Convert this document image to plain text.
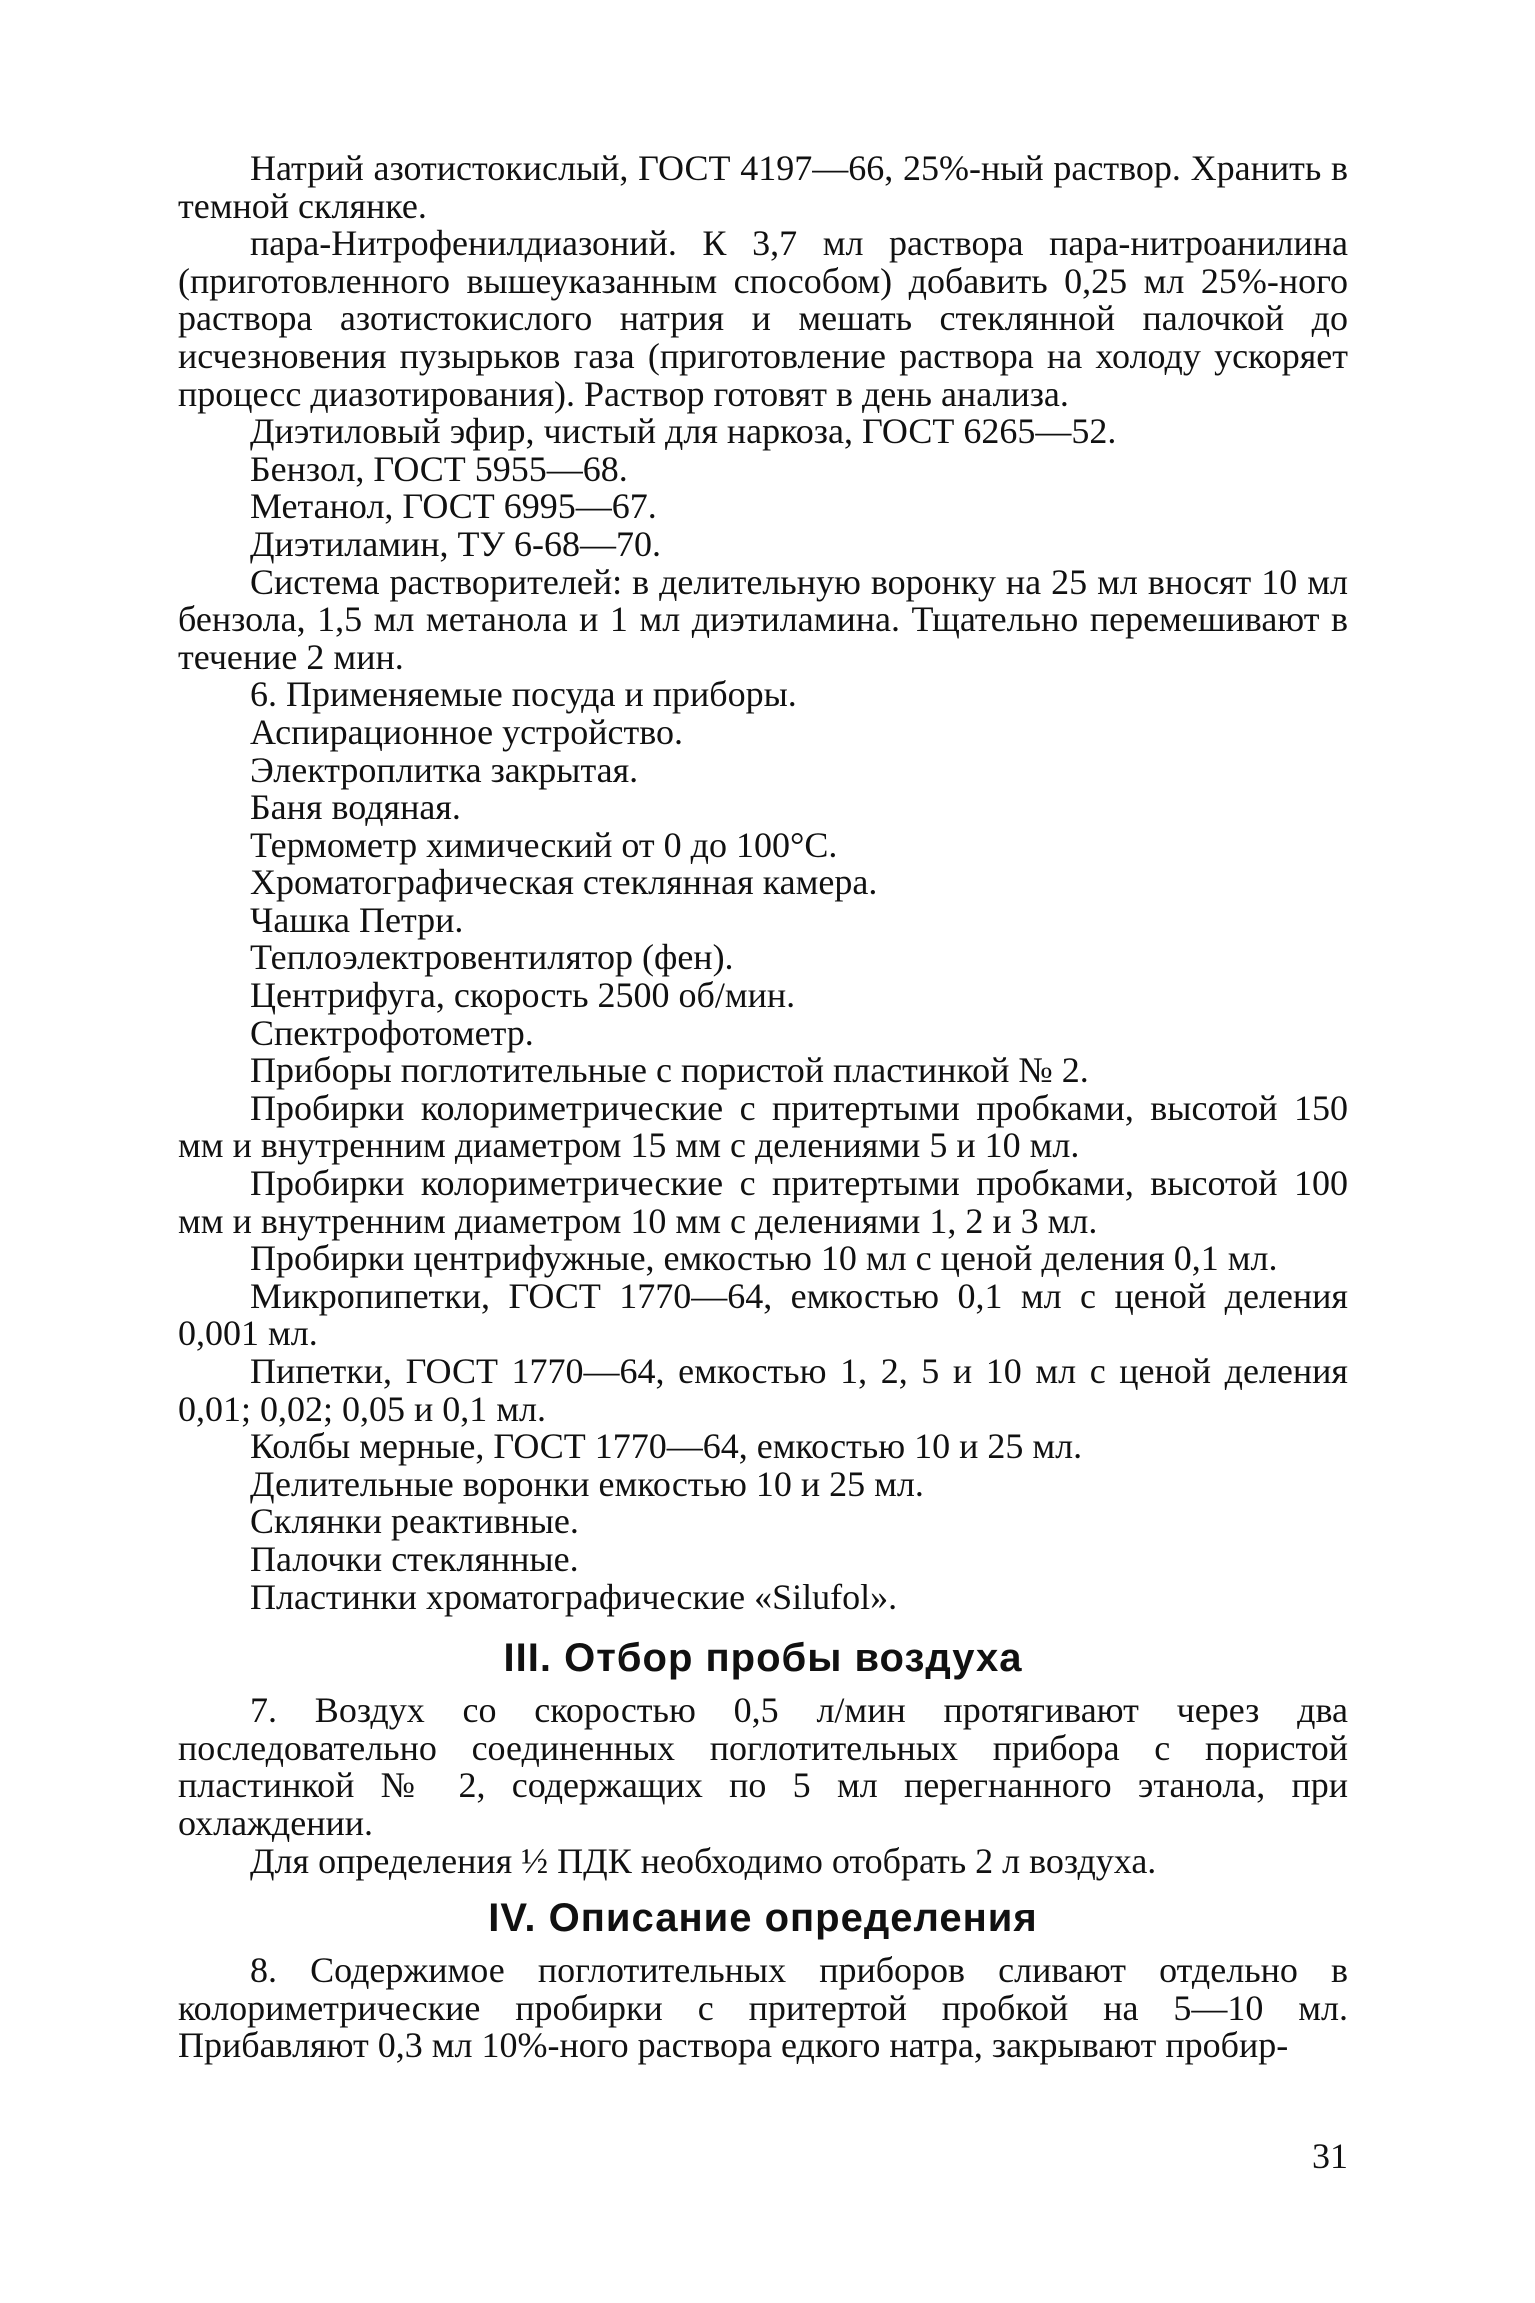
Натрий азотистокислый, ГОСТ 4197—66, 25%-ный раствор. Хранить в темной склянке.

пара-Нитрофенилдиазоний. К 3,7 мл раствора пара-нитроанилина (приготовленного вышеуказанным способом) добавить 0,25 мл 25%-ного раствора азотистокислого натрия и мешать стеклянной палочкой до исчезновения пузырьков газа (приготовление раствора на холоду ускоряет процесс диазотирования). Раствор готовят в день анализа.

Диэтиловый эфир, чистый для наркоза, ГОСТ 6265—52.

Бензол, ГОСТ 5955—68.

Метанол, ГОСТ 6995—67.

Диэтиламин, ТУ 6-68—70.

Система растворителей: в делительную воронку на 25 мл вносят 10 мл бензола, 1,5 мл метанола и 1 мл диэтиламина. Тщательно перемешивают в течение 2 мин.

6. Применяемые посуда и приборы.

Аспирационное устройство.

Электроплитка закрытая.

Баня водяная.

Термометр химический от 0 до 100°С.

Хроматографическая стеклянная камера.

Чашка Петри.

Теплоэлектровентилятор (фен).

Центрифуга, скорость 2500 об/мин.

Спектрофотометр.

Приборы поглотительные с пористой пластинкой № 2.

Пробирки колориметрические с притертыми пробками, высотой 150 мм и внутренним диаметром 15 мм с делениями 5 и 10 мл.

Пробирки колориметрические с притертыми пробками, высотой 100 мм и внутренним диаметром 10 мм с делениями 1, 2 и 3 мл.

Пробирки центрифужные, емкостью 10 мл с ценой деления 0,1 мл.

Микропипетки, ГОСТ 1770—64, емкостью 0,1 мл с ценой деления 0,001 мл.

Пипетки, ГОСТ 1770—64, емкостью 1, 2, 5 и 10 мл с ценой деления 0,01; 0,02; 0,05 и 0,1 мл.

Колбы мерные, ГОСТ 1770—64, емкостью 10 и 25 мл.

Делительные воронки емкостью 10 и 25 мл.

Склянки реактивные.

Палочки стеклянные.

Пластинки хроматографические «Silufol».

III. Отбор пробы воздуха

7. Воздух со скоростью 0,5 л/мин протягивают через два последовательно соединенных поглотительных прибора с пористой пластинкой № 2, содержащих по 5 мл перегнанного этанола, при охлаждении.

Для определения ½ ПДК необходимо отобрать 2 л воздуха.

IV. Описание определения

8. Содержимое поглотительных приборов сливают отдельно в колориметрические пробирки с притертой пробкой на 5—10 мл. Прибавляют 0,3 мл 10%-ного раствора едкого натра, закрывают пробир-

31
